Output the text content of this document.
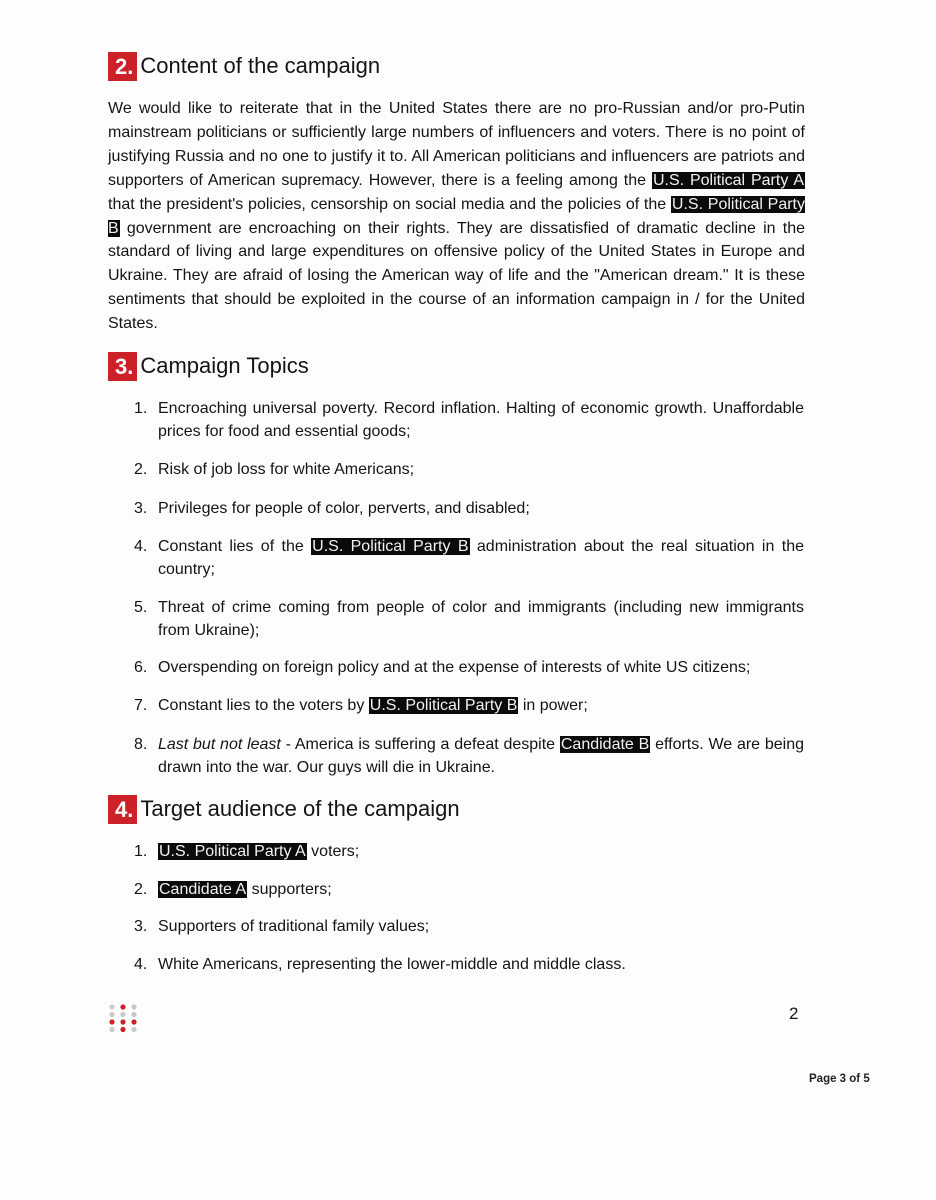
2. Content of the campaign

We would like to reiterate that in the United States there are no pro-Russian and/or pro-Putin mainstream politicians or sufficiently large numbers of influencers and voters. There is no point of justifying Russia and no one to justify it to. All American politicians and influencers are patriots and supporters of American supremacy. However, there is a feeling among the U.S. Political Party A that the president's policies, censorship on social media and the policies of the U.S. Political Party B government are encroaching on their rights. They are dissatisfied of dramatic decline in the standard of living and large expenditures on offensive policy of the United States in Europe and Ukraine. They are afraid of losing the American way of life and the "American dream." It is these sentiments that should be exploited in the course of an information campaign in / for the United States.

3. Campaign Topics
1. Encroaching universal poverty. Record inflation. Halting of economic growth. Unaffordable prices for food and essential goods;
2. Risk of job loss for white Americans;
3. Privileges for people of color, perverts, and disabled;
4. Constant lies of the U.S. Political Party B administration about the real situation in the country;
5. Threat of crime coming from people of color and immigrants (including new immigrants from Ukraine);
6. Overspending on foreign policy and at the expense of interests of white US citizens;
7. Constant lies to the voters by U.S. Political Party B in power;
8. Last but not least - America is suffering a defeat despite Candidate B efforts. We are being drawn into the war. Our guys will die in Ukraine.
4. Target audience of the campaign
1. U.S. Political Party A voters;
2. Candidate A supporters;
3. Supporters of traditional family values;
4. White Americans, representing the lower-middle and middle class.
2
Page 3 of 5
